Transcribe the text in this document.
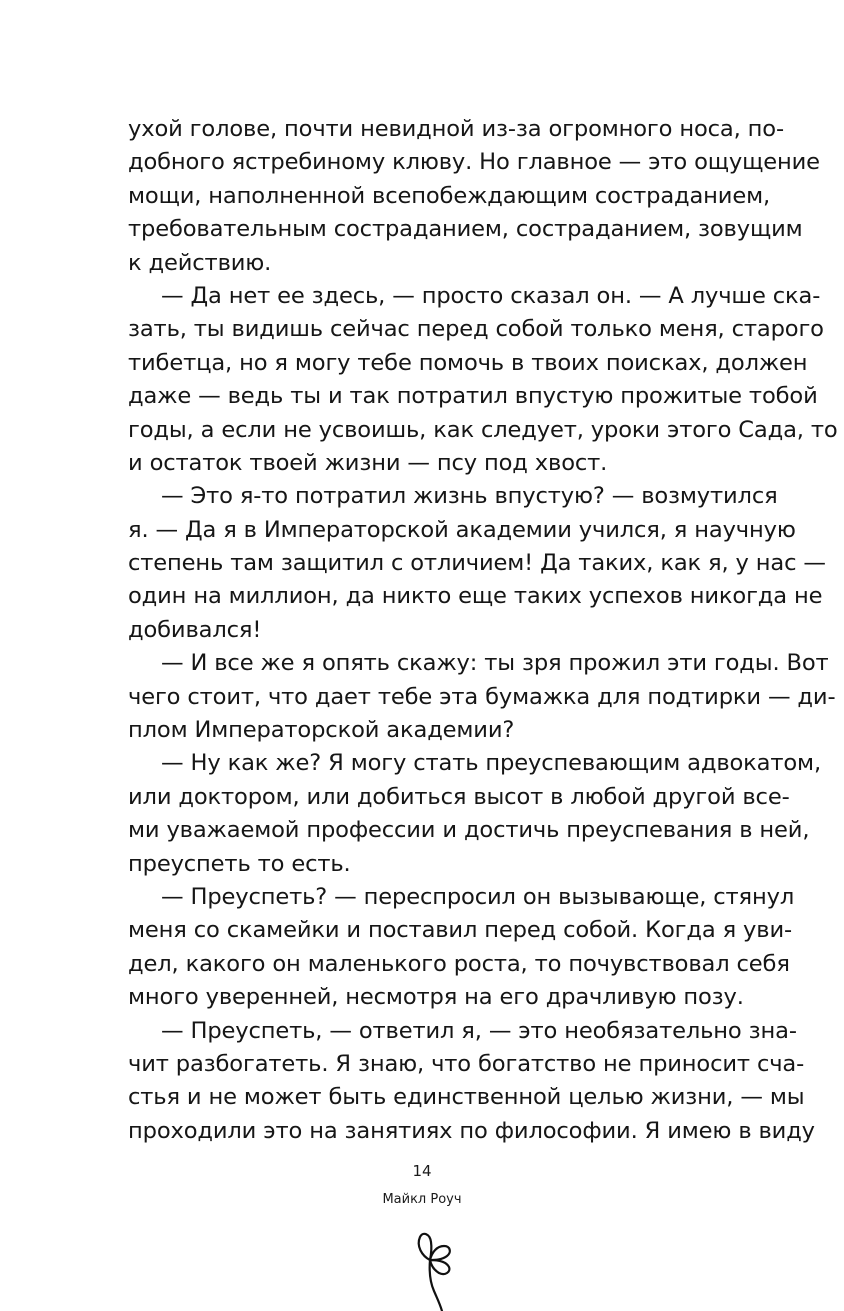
ухой голове, почти невидной из-за огромного носа, по-
добного ястребиному клюву. Но главное — это ощущение
мощи, наполненной всепобеждающим состраданием,
требовательным состраданием, состраданием, зовущим
к действию.
— Да нет ее здесь, — просто сказал он. — А лучше ска-
зать, ты видишь сейчас перед собой только меня, старого
тибетца, но я могу тебе помочь в твоих поисках, должен
даже — ведь ты и так потратил впустую прожитые тобой
годы, а если не усвоишь, как следует, уроки этого Сада, то
и остаток твоей жизни — псу под хвост.
— Это я-то потратил жизнь впустую? — возмутился
я. — Да я в Императорской академии учился, я научную
степень там защитил с отличием! Да таких, как я, у нас —
один на миллион, да никто еще таких успехов никогда не
добивался!
— И все же я опять скажу: ты зря прожил эти годы. Вот
чего стоит, что дает тебе эта бумажка для подтирки — ди-
плом Императорской академии?
— Ну как же? Я могу стать преуспевающим адвокатом,
или доктором, или добиться высот в любой другой все-
ми уважаемой профессии и достичь преуспевания в ней,
преуспеть то есть.
— Преуспеть? — переспросил он вызывающе, стянул
меня со скамейки и поставил перед собой. Когда я уви-
дел, какого он маленького роста, то почувствовал себя
много уверенней, несмотря на его драчливую позу.
— Преуспеть, — ответил я, — это необязательно зна-
чит разбогатеть. Я знаю, что богатство не приносит сча-
стья и не может быть единственной целью жизни, — мы
проходили это на занятиях по философии. Я имею в виду
14
Майкл Роуч
